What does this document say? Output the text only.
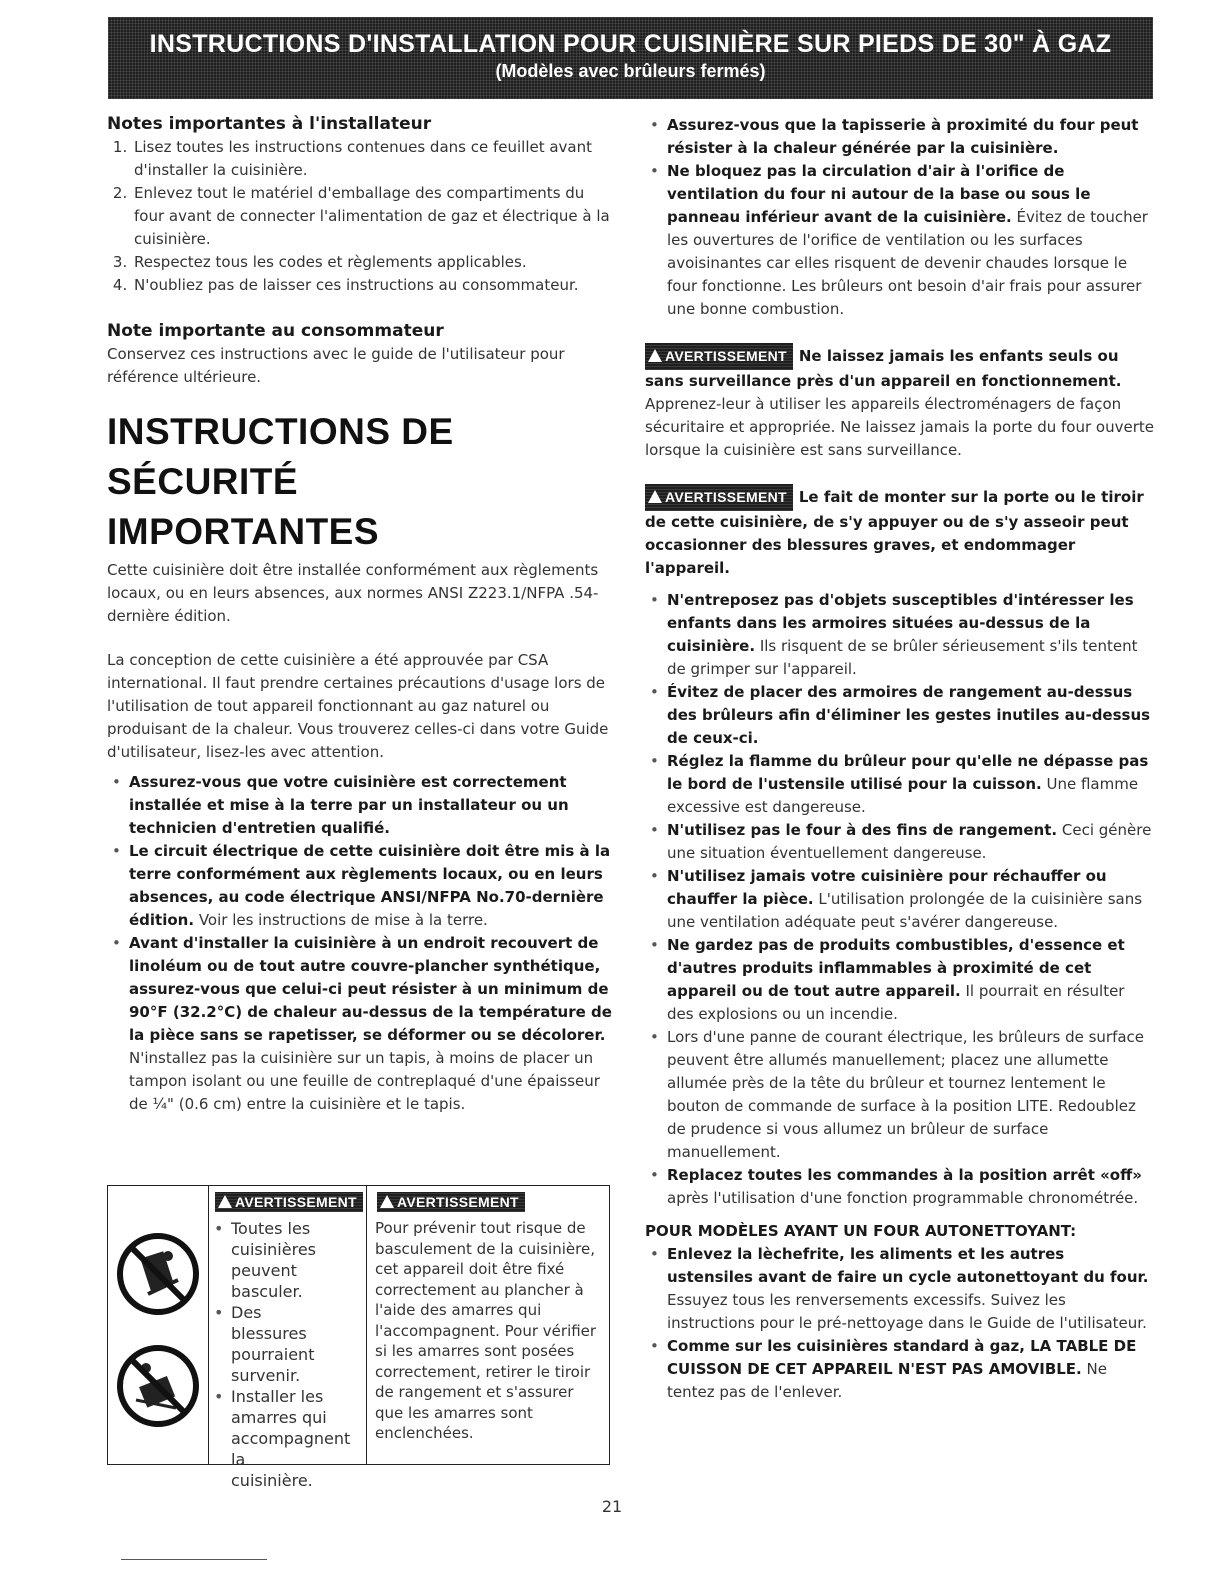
INSTRUCTIONS D'INSTALLATION POUR CUISINIÈRE SUR PIEDS DE 30" À GAZ
(Modèles avec brûleurs fermés)
Notes importantes à l'installateur
1. Lisez toutes les instructions contenues dans ce feuillet avant d'installer la cuisinière.
2. Enlevez tout le matériel d'emballage des compartiments du four avant de connecter l'alimentation de gaz et électrique à la cuisinière.
3. Respectez tous les codes et règlements applicables.
4. N'oubliez pas de laisser ces instructions au consommateur.
Note importante au consommateur

Conservez ces instructions avec le guide de l'utilisateur pour référence ultérieure.

INSTRUCTIONS DE SÉCURITÉ
IMPORTANTES

Cette cuisinière doit être installée conformément aux règlements locaux, ou en leurs absences, aux normes ANSI Z223.1/NFPA .54- dernière édition.

La conception de cette cuisinière a été approuvée par CSA international. Il faut prendre certaines précautions d'usage lors de l'utilisation de tout appareil fonctionnant au gaz naturel ou produisant de la chaleur. Vous trouverez celles-ci dans votre Guide d'utilisateur, lisez-les avec attention.

• Assurez-vous que votre cuisinière est correctement installée et mise à la terre par un installateur ou un technicien d'entretien qualifié.
• Le circuit électrique de cette cuisinière doit être mis à la terre conformément aux règlements locaux, ou en leurs absences, au code électrique ANSI/NFPA No.70-dernière édition. Voir les instructions de mise à la terre.
• Avant d'installer la cuisinière à un endroit recouvert de linoléum ou de tout autre couvre-plancher synthétique, assurez-vous que celui-ci peut résister à un minimum de 90°F (32.2°C) de chaleur au-dessus de la température de la pièce sans se rapetisser, se déformer ou se décolorer. N'installez pas la cuisinière sur un tapis, à moins de placer un tampon isolant ou une feuille de contreplaqué d'une épaisseur de ¼" (0.6 cm) entre la cuisinière et le tapis.
AVERTISSEMENT
• Toutes les cuisinières peuvent basculer.
• Des blessures pourraient survenir.
• Installer les amarres qui accompagnent la cuisinière.
AVERTISSEMENT

Pour prévenir tout risque de basculement de la cuisinière, cet appareil doit être fixé correctement au plancher à l'aide des amarres qui l'accompagnent. Pour vérifier si les amarres sont posées correctement, retirer le tiroir de rangement et s'assurer que les amarres sont enclenchées.

• Assurez-vous que la tapisserie à proximité du four peut résister à la chaleur générée par la cuisinière.
• Ne bloquez pas la circulation d'air à l'orifice de ventilation du four ni autour de la base ou sous le panneau inférieur avant de la cuisinière. Évitez de toucher les ouvertures de l'orifice de ventilation ou les surfaces avoisinantes car elles risquent de devenir chaudes lorsque le four fonctionne. Les brûleurs ont besoin d'air frais pour assurer une bonne combustion.

AVERTISSEMENT Ne laissez jamais les enfants seuls ou sans surveillance près d'un appareil en fonctionnement. Apprenez-leur à utiliser les appareils électroménagers de façon sécuritaire et appropriée. Ne laissez jamais la porte du four ouverte lorsque la cuisinière est sans surveillance.

AVERTISSEMENT Le fait de monter sur la porte ou le tiroir de cette cuisinière, de s'y appuyer ou de s'y asseoir peut occasionner des blessures graves, et endommager l'appareil.

• N'entreposez pas d'objets susceptibles d'intéresser les enfants dans les armoires situées au-dessus de la cuisinière. Ils risquent de se brûler sérieusement s'ils tentent de grimper sur l'appareil.
• Évitez de placer des armoires de rangement au-dessus des brûleurs afin d'éliminer les gestes inutiles au-dessus de ceux-ci.
• Réglez la flamme du brûleur pour qu'elle ne dépasse pas le bord de l'ustensile utilisé pour la cuisson. Une flamme excessive est dangereuse.
• N'utilisez pas le four à des fins de rangement. Ceci génère une situation éventuellement dangereuse.
• N'utilisez jamais votre cuisinière pour réchauffer ou chauffer la pièce. L'utilisation prolongée de la cuisinière sans une ventilation adéquate peut s'avérer dangereuse.
• Ne gardez pas de produits combustibles, d'essence et d'autres produits inflammables à proximité de cet appareil ou de tout autre appareil. Il pourrait en résulter des explosions ou un incendie.
• Lors d'une panne de courant électrique, les brûleurs de surface peuvent être allumés manuellement; placez une allumette allumée près de la tête du brûleur et tournez lentement le bouton de commande de surface à la position LITE. Redoublez de prudence si vous allumez un brûleur de surface manuellement.
• Replacez toutes les commandes à la position arrêt «off» après l'utilisation d'une fonction programmable chronométrée.

POUR MODÈLES AYANT UN FOUR AUTONETTOYANT:

• Enlevez la lèchefrite, les aliments et les autres ustensiles avant de faire un cycle autonettoyant du four. Essuyez tous les renversements excessifs. Suivez les instructions pour le pré-nettoyage dans le Guide de l'utilisateur.
• Comme sur les cuisinières standard à gaz, LA TABLE DE CUISSON DE CET APPAREIL N'EST PAS AMOVIBLE. Ne tentez pas de l'enlever.
21
